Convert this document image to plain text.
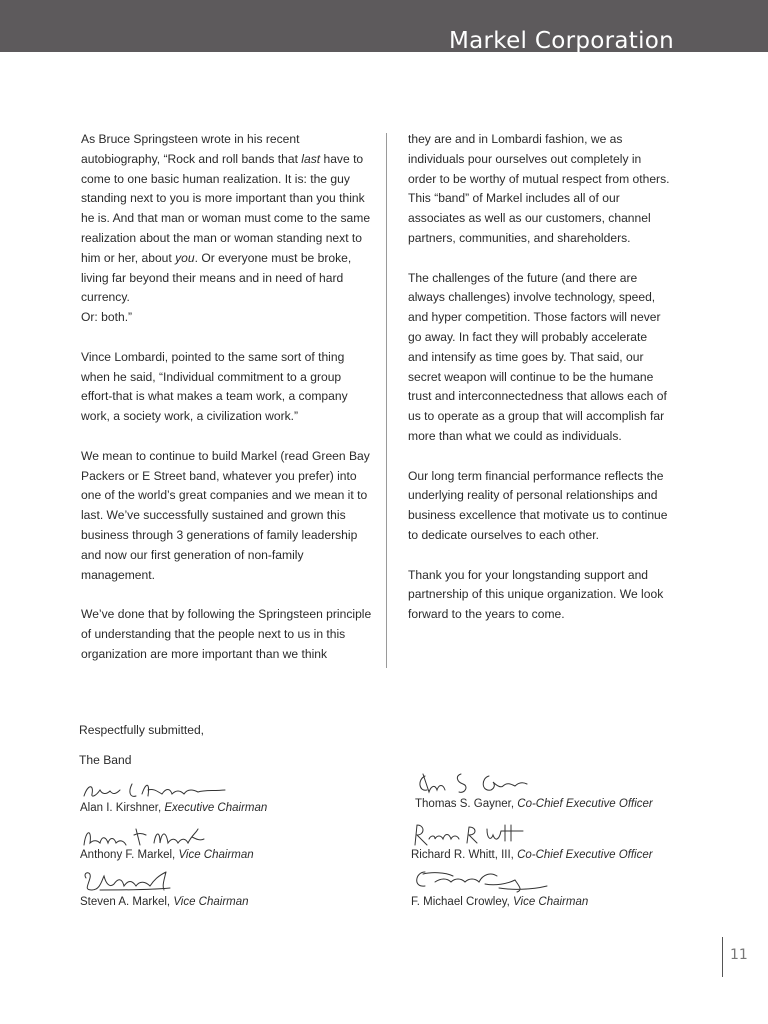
Markel Corporation

As Bruce Springsteen wrote in his recent autobiography, “Rock and roll bands that last have to come to one basic human realization. It is: the guy standing next to you is more important than you think he is. And that man or woman must come to the same realization about the man or woman standing next to him or her, about you. Or everyone must be broke, living far beyond their means and in need of hard currency.
Or: both.”

Vince Lombardi, pointed to the same sort of thing when he said, “Individual commitment to a group effort-that is what makes a team work, a company work, a society work, a civilization work.”

We mean to continue to build Markel (read Green Bay Packers or E Street band, whatever you prefer) into one of the world’s great companies and we mean it to last. We’ve successfully sustained and grown this business through 3 generations of family leadership and now our first generation of non-family management.

We’ve done that by following the Springsteen principle of understanding that the people next to us in this organization are more important than we think

they are and in Lombardi fashion, we as individuals pour ourselves out completely in order to be worthy of mutual respect from others. This “band” of Markel includes all of our associates as well as our customers, channel partners, communities, and shareholders.

The challenges of the future (and there are always challenges) involve technology, speed, and hyper competition. Those factors will never go away. In fact they will probably accelerate and intensify as time goes by. That said, our secret weapon will continue to be the humane trust and interconnectedness that allows each of us to operate as a group that will accomplish far more than what we could as individuals.

Our long term financial performance reflects the underlying reality of personal relationships and business excellence that motivate us to continue to dedicate ourselves to each other.

Thank you for your longstanding support and partnership of this unique organization. We look forward to the years to come.

Respectfully submitted,
The Band
Alan I. Kirshner, Executive Chairman
Anthony F. Markel, Vice Chairman
Steven A. Markel, Vice Chairman
Thomas S. Gayner, Co-Chief Executive Officer
Richard R. Whitt, III, Co-Chief Executive Officer
F. Michael Crowley, Vice Chairman
11
